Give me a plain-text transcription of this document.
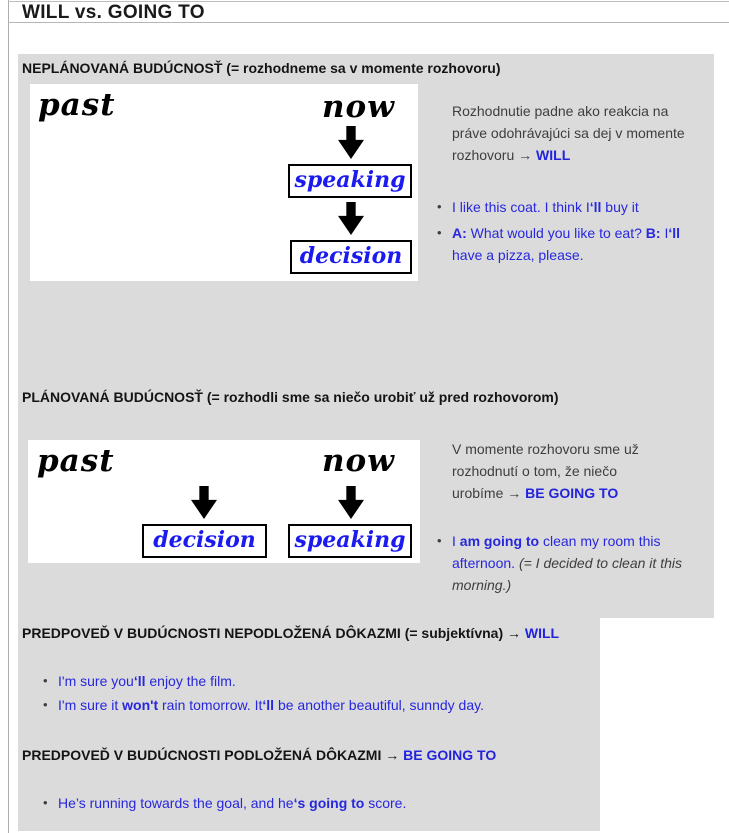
WILL vs. GOING TO
NEPLÁNOVANÁ BUDÚCNOSŤ (= rozhodneme sa v momente rozhovoru)
past	now
speaking
decision

Rozhodnutie padne ako reakcia na
práve odohrávajúci sa dej v momente
rozhovoru → WILL

• I like this coat. I think I‘ll buy it
• A: What would you like to eat? B: I‘ll
have a pizza, please.
PLÁNOVANÁ BUDÚCNOSŤ (= rozhodli sme sa niečo urobiť už pred rozhovorom)
past	now
decision	speaking

V momente rozhovoru sme už
rozhodnutí o tom, že niečo
urobíme → BE GOING TO

• I am going to clean my room this
afternoon. (= I decided to clean it this
morning.)
PREDPOVEĎ V BUDÚCNOSTI NEPODLOŽENÁ DÔKAZMI (= subjektívna) → WILL
• I'm sure you‘ll enjoy the film.
• I'm sure it won't rain tomorrow. It‘ll be another beautiful, sunndy day.
PREDPOVEĎ V BUDÚCNOSTI PODLOŽENÁ DÔKAZMI → BE GOING TO
• He’s running towards the goal, and he‘s going to score.
